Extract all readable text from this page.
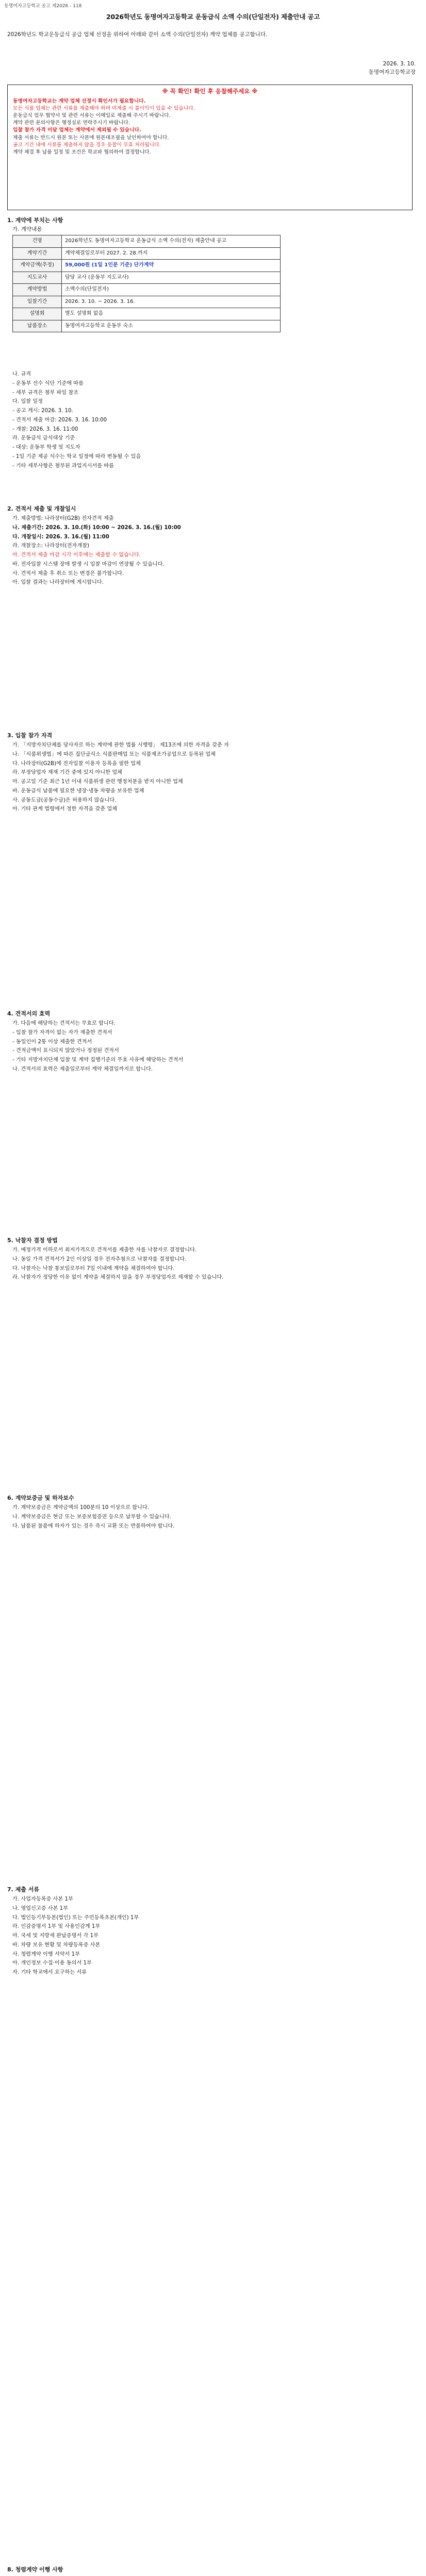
동명여자고등학교 공고 제2026 - 118
2026학년도 동명여자고등학교 운동급식 소액 수의(단일전자) 제출안내 공고
2026학년도 학교운동급식 공급 업체 선정을 위하여 아래와 같이 소액 수의(단일전자) 계약 업체를 공고합니다.
2026. 3. 10.
동명여자고등학교장
※ 꼭 확인! 확인 후 응찰해주세요 ※
동명여자고등학교는 계약 업체 선정시 확인서가 필요합니다.
모든 식품 업체는 관련 서류를 제출해야 하며 미제출 시 불이익이 있을 수 있습니다.
운동급식 업무 협약서 및 관련 서류는 이메일로 제출해 주시기 바랍니다.
계약 관련 문의사항은 행정실로 연락주시기 바랍니다.
입찰 참가 자격 미달 업체는 계약에서 제외될 수 있습니다.
제출 서류는 반드시 원본 또는 사본에 원본대조필을 날인하여야 합니다.
공고 기간 내에 서류를 제출하지 않을 경우 응찰이 무효 처리됩니다.
계약 체결 후 납품 일정 및 조건은 학교와 협의하여 결정합니다.
1. 계약에 부치는 사항
가. 계약내용
건명	2026학년도 동명여자고등학교 운동급식 소액 수의(전자) 제출안내 공고
계약기간	계약체결일로부터 2027. 2. 28.까지
계약금액(추정)	59,000원 (1일 1인분 기준) 단가계약
지도교사	담당 교사 (운동부 지도교사)
계약방법	소액수의(단일전자)
입찰기간	2026. 3. 10. ~ 2026. 3. 16.
설명회	별도 설명회 없음
납품장소	동명여자고등학교 운동부 숙소

나. 규격

- 운동부 선수 식단 기준에 따름

- 세부 규격은 첨부 파일 참조

다. 입찰 일정

- 공고 게시: 2026. 3. 10.

- 견적서 제출 마감: 2026. 3. 16. 10:00

- 개찰: 2026. 3. 16. 11:00

라. 운동급식 급식대상 기준

- 대상: 운동부 학생 및 지도자

- 1일 기준 제공 식수는 학교 일정에 따라 변동될 수 있음

- 기타 세부사항은 첨부된 과업지시서를 따름

2. 견적서 제출 및 개찰일시

가. 제출방법: 나라장터(G2B) 전자견적 제출

나. 제출기간: 2026. 3. 10.(화) 10:00 ~ 2026. 3. 16.(월) 10:00

다. 개찰일시: 2026. 3. 16.(월) 11:00

라. 개찰장소: 나라장터(전자개찰)

마. 견적서 제출 마감 시각 이후에는 제출할 수 없습니다.

바. 전자입찰 시스템 장애 발생 시 입찰 마감이 연장될 수 있습니다.

사. 견적서 제출 후 취소 또는 변경은 불가합니다.

아. 입찰 결과는 나라장터에 게시합니다.

3. 입찰 참가 자격

가. 「지방자치단체를 당사자로 하는 계약에 관한 법률 시행령」 제13조에 의한 자격을 갖춘 자

나. 「식품위생법」에 따른 집단급식소 식품판매업 또는 식품제조가공업으로 등록된 업체

다. 나라장터(G2B)에 전자입찰 이용자 등록을 필한 업체

라. 부정당업자 제재 기간 중에 있지 아니한 업체

마. 공고일 기준 최근 1년 이내 식품위생 관련 행정처분을 받지 아니한 업체

바. 운동급식 납품에 필요한 냉장·냉동 차량을 보유한 업체

사. 공동도급(공동수급)은 허용하지 않습니다.

아. 기타 관계 법령에서 정한 자격을 갖춘 업체

4. 견적서의 효력

가. 다음에 해당하는 견적서는 무효로 합니다.

- 입찰 참가 자격이 없는 자가 제출한 견적서

- 동일인이 2통 이상 제출한 견적서

- 견적금액이 표시되지 않았거나 정정된 견적서

- 기타 지방자치단체 입찰 및 계약 집행기준의 무효 사유에 해당하는 견적서

나. 견적서의 효력은 제출일로부터 계약 체결일까지로 합니다.

5. 낙찰자 결정 방법

가. 예정가격 이하로서 최저가격으로 견적서를 제출한 자를 낙찰자로 결정합니다.

나. 동일 가격 견적서가 2인 이상일 경우 전자추첨으로 낙찰자를 결정합니다.

다. 낙찰자는 낙찰 통보일로부터 7일 이내에 계약을 체결하여야 합니다.

라. 낙찰자가 정당한 이유 없이 계약을 체결하지 않을 경우 부정당업자로 제재할 수 있습니다.

6. 계약보증금 및 하자보수

가. 계약보증금은 계약금액의 100분의 10 이상으로 합니다.

나. 계약보증금은 현금 또는 보증보험증권 등으로 납부할 수 있습니다.

다. 납품된 물품에 하자가 있는 경우 즉시 교환 또는 반품하여야 합니다.

7. 제출 서류

가. 사업자등록증 사본 1부

나. 영업신고증 사본 1부

다. 법인등기부등본(법인) 또는 주민등록초본(개인) 1부

라. 인감증명서 1부 및 사용인감계 1부

마. 국세 및 지방세 완납증명서 각 1부

바. 차량 보유 현황 및 차량등록증 사본

사. 청렴계약 이행 서약서 1부

아. 개인정보 수집·이용 동의서 1부

자. 기타 학교에서 요구하는 서류

8. 청렴계약 이행 사항
